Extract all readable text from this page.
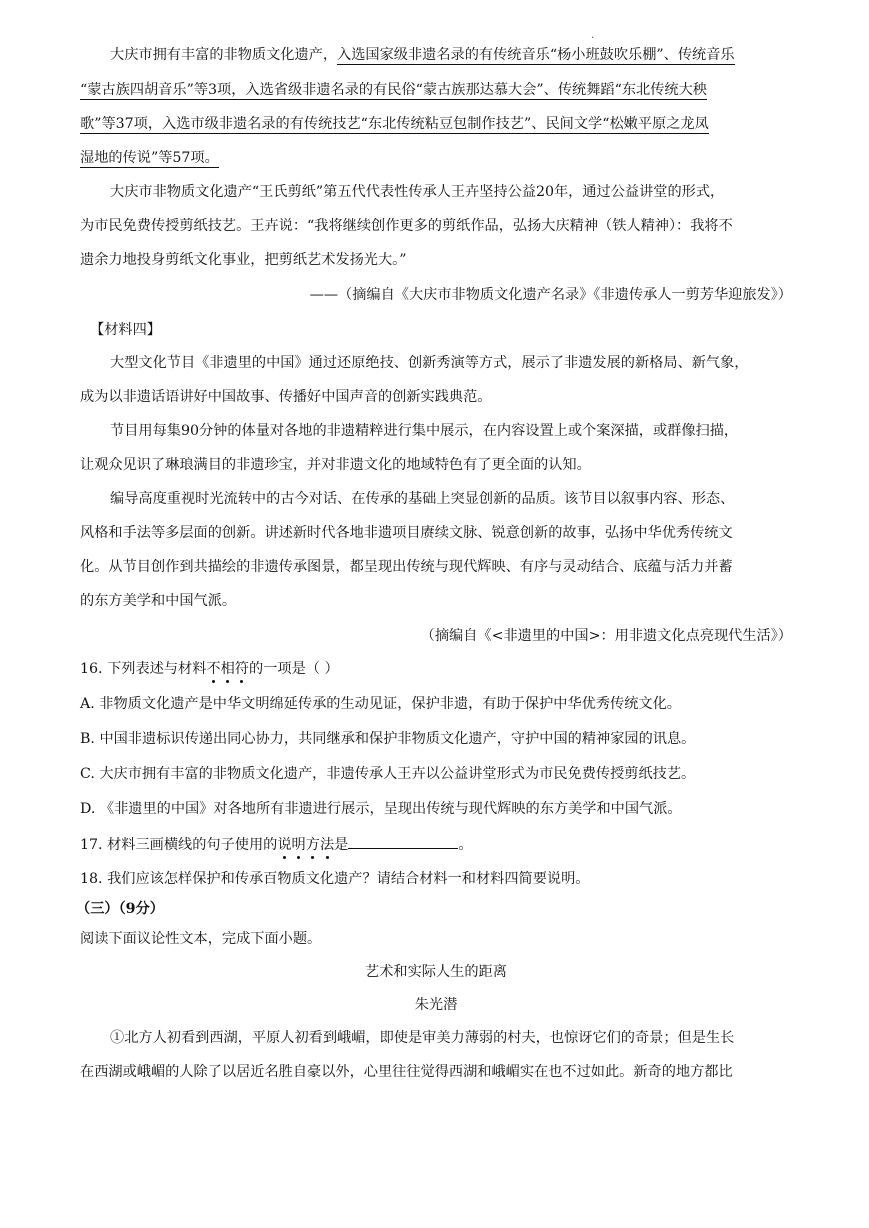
.
大庆市拥有丰富的非物质文化遗产，入选国家级非遗名录的有传统音乐“杨小班鼓吹乐棚”、传统音乐
“蒙古族四胡音乐”等3项，入选省级非遗名录的有民俗“蒙古族那达慕大会”、传统舞蹈“东北传统大秧
歌”等37项，入选市级非遗名录的有传统技艺“东北传统粘豆包制作技艺”、民间文学“松嫩平原之龙凤
湿地的传说”等57项。
大庆市非物质文化遗产“王氏剪纸”第五代代表性传承人王卉坚持公益20年，通过公益讲堂的形式，
为市民免费传授剪纸技艺。王卉说：“我将继续创作更多的剪纸作品，弘扬大庆精神（铁人精神）：我将不
遗余力地投身剪纸文化事业，把剪纸艺术发扬光大。”
——（摘编自《大庆市非物质文化遗产名录》《非遗传承人一剪芳华迎旅发》）
【材料四】
大型文化节目《非遗里的中国》通过还原绝技、创新秀演等方式，展示了非遗发展的新格局、新气象，
成为以非遗话语讲好中国故事、传播好中国声音的创新实践典范。
节目用每集90分钟的体量对各地的非遗精粹进行集中展示，在内容设置上或个案深描，或群像扫描，
让观众见识了琳琅满目的非遗珍宝，并对非遗文化的地域特色有了更全面的认知。
编导高度重视时光流转中的古今对话、在传承的基础上突显创新的品质。该节目以叙事内容、形态、
风格和手法等多层面的创新。讲述新时代各地非遗项目赓续文脉、锐意创新的故事，弘扬中华优秀传统文
化。从节目创作到共描绘的非遗传承图景，都呈现出传统与现代辉映、有序与灵动结合、底蕴与活力并蓄
的东方美学和中国气派。
（摘编自《<非遗里的中国>：用非遗文化点亮现代生活》）
16. 下列表述与材料不相符的一项是（ ）
A. 非物质文化遗产是中华文明绵延传承的生动见证，保护非遗，有助于保护中华优秀传统文化。
B. 中国非遗标识传递出同心协力，共同继承和保护非物质文化遗产，守护中国的精神家园的讯息。
C. 大庆市拥有丰富的非物质文化遗产，非遗传承人王卉以公益讲堂形式为市民免费传授剪纸技艺。
D. 《非遗里的中国》对各地所有非遗进行展示，呈现出传统与现代辉映的东方美学和中国气派。
17. 材料三画横线的句子使用的说明方法是	。
18. 我们应该怎样保护和传承百物质文化遗产？请结合材料一和材料四简要说明。
（三）（9分）
阅读下面议论性文本，完成下面小题。
艺术和实际人生的距离
朱光潜
①北方人初看到西湖，平原人初看到峨嵋，即使是审美力薄弱的村夫，也惊讶它们的奇景；但是生长
在西湖或峨嵋的人除了以居近名胜自豪以外，心里往往觉得西湖和峨嵋实在也不过如此。新奇的地方都比
